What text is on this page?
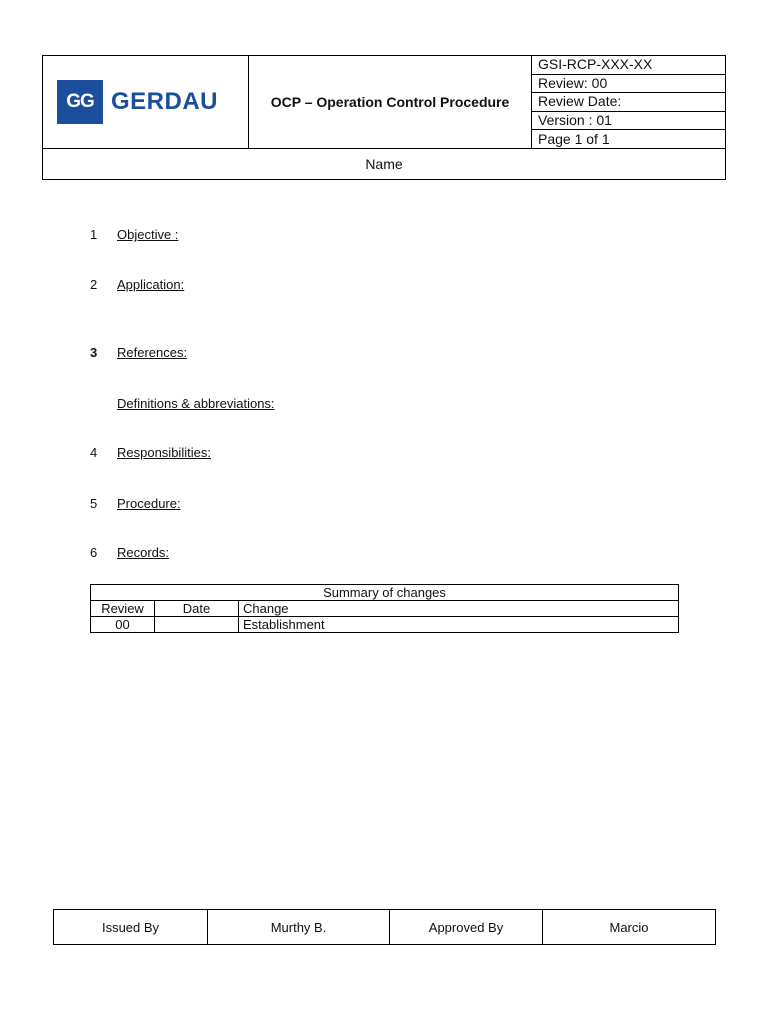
GG GERDAU	OCP – Operation Control Procedure	GSI-RCP-XXX-XX
Review: 00
Review Date:
Version : 01
Page 1 of 1
Name
1 Objective :
2 Application:
3 References:
Definitions & abbreviations:
4 Responsibilities:
5 Procedure:
6 Records:
Summary of changes		
Review	Date	Change
00		Establishment
Issued By	Murthy B.	Approved By	Marcio
